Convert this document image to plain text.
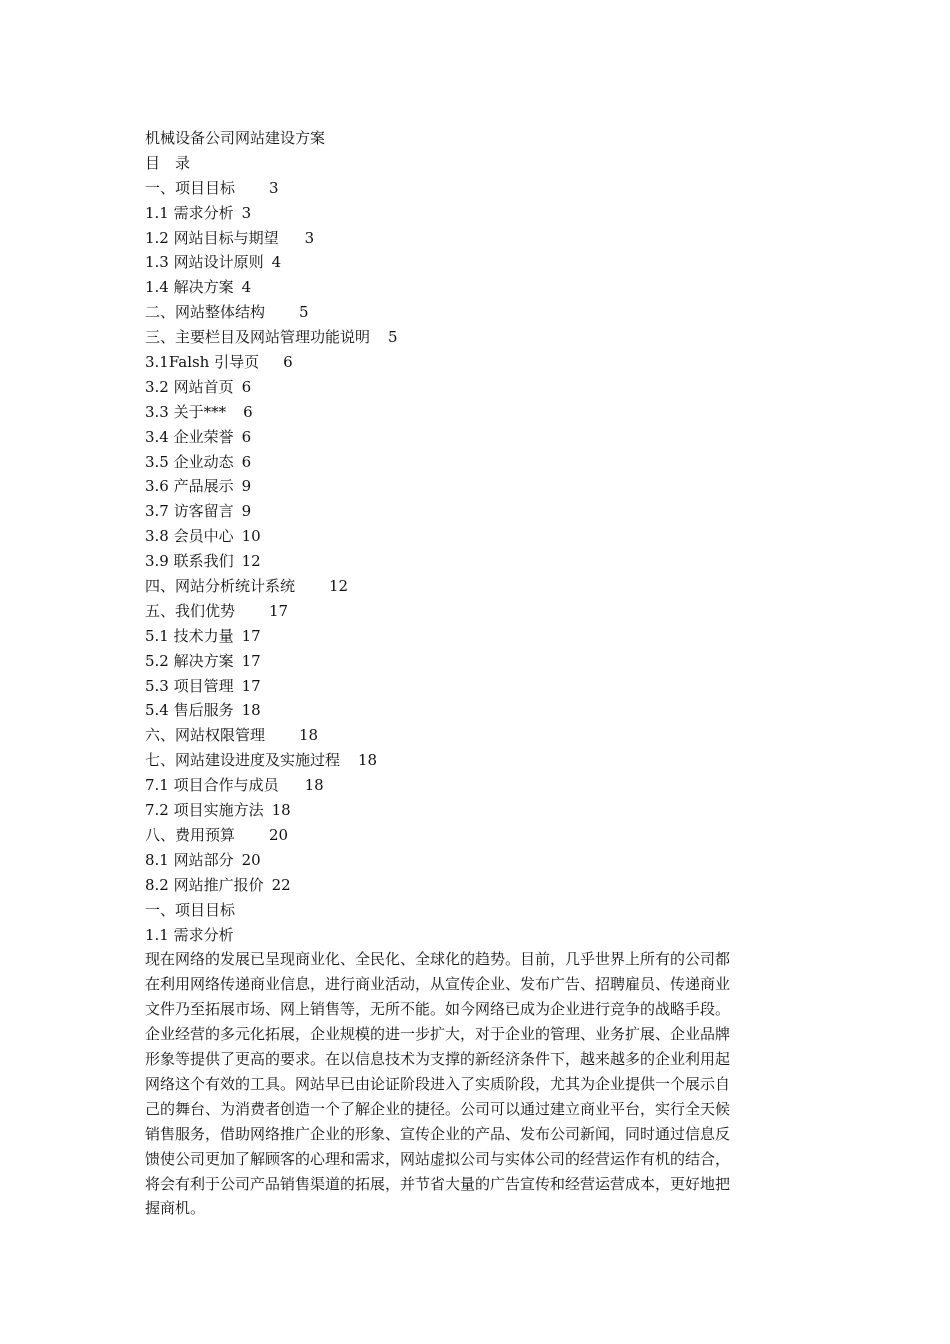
机械设备公司网站建设方案
目　录
一、项目目标 3
1.1 需求分析 3
1.2 网站目标与期望 3
1.3 网站设计原则 4
1.4 解决方案 4
二、网站整体结构 5
三、主要栏目及网站管理功能说明 5
3.1Falsh 引导页 6
3.2 网站首页 6
3.3 关于*** 6
3.4 企业荣誉 6
3.5 企业动态 6
3.6 产品展示 9
3.7 访客留言 9
3.8 会员中心 10
3.9 联系我们 12
四、网站分析统计系统 12
五、我们优势 17
5.1 技术力量 17
5.2 解决方案 17
5.3 项目管理 17
5.4 售后服务 18
六、网站权限管理 18
七、网站建设进度及实施过程 18
7.1 项目合作与成员 18
7.2 项目实施方法 18
八、费用预算 20
8.1 网站部分 20
8.2 网站推广报价 22
一、项目目标
1.1 需求分析
现在网络的发展已呈现商业化、全民化、全球化的趋势。目前，几乎世界上所有的公司都
在利用网络传递商业信息，进行商业活动，从宣传企业、发布广告、招聘雇员、传递商业
文件乃至拓展市场、网上销售等，无所不能。如今网络已成为企业进行竞争的战略手段。
企业经营的多元化拓展，企业规模的进一步扩大，对于企业的管理、业务扩展、企业品牌
形象等提供了更高的要求。在以信息技术为支撑的新经济条件下，越来越多的企业利用起
网络这个有效的工具。网站早已由论证阶段进入了实质阶段，尤其为企业提供一个展示自
己的舞台、为消费者创造一个了解企业的捷径。公司可以通过建立商业平台，实行全天候
销售服务，借助网络推广企业的形象、宣传企业的产品、发布公司新闻，同时通过信息反
馈使公司更加了解顾客的心理和需求，网站虚拟公司与实体公司的经营运作有机的结合，
将会有利于公司产品销售渠道的拓展，并节省大量的广告宣传和经营运营成本，更好地把
握商机。
